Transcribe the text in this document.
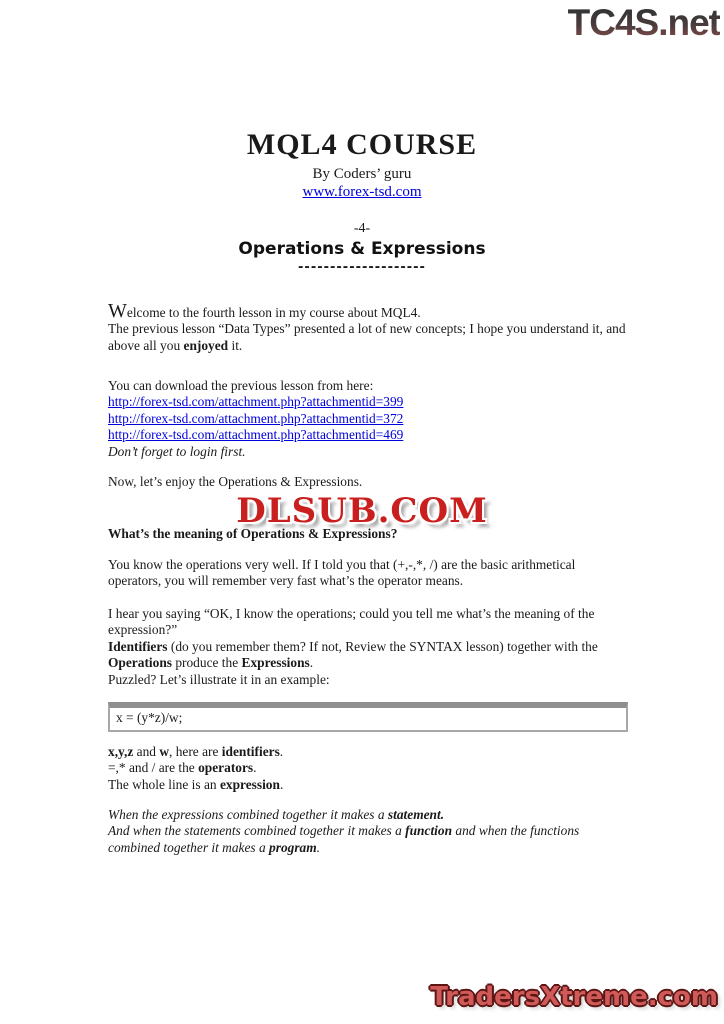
TC4S.net
MQL4 COURSE
By Coders’ guru
www.forex-tsd.com
-4-
Operations & Expressions
--------------------
Welcome to the fourth lesson in my course about MQL4.
The previous lesson “Data Types” presented a lot of new concepts; I hope you understand it, and above all you enjoyed it.
You can download the previous lesson from here:
http://forex-tsd.com/attachment.php?attachmentid=399
http://forex-tsd.com/attachment.php?attachmentid=372
http://forex-tsd.com/attachment.php?attachmentid=469
Don’t forget to login first.
Now, let’s enjoy the Operations & Expressions.
DLSUB.COM
What’s the meaning of Operations & Expressions?
You know the operations very well. If I told you that (+,-,*, /) are the basic arithmetical operators, you will remember very fast what’s the operator means.
I hear you saying “OK, I know the operations; could you tell me what’s the meaning of the expression?”
Identifiers (do you remember them? If not, Review the SYNTAX lesson) together with the Operations produce the Expressions.
Puzzled? Let’s illustrate it in an example:
x = (y*z)/w;
x,y,z and w, here are identifiers.
=,* and / are the operators.
The whole line is an expression.
When the expressions combined together it makes a statement.
And when the statements combined together it makes a function and when the functions combined together it makes a program.
TradersXtreme.com
